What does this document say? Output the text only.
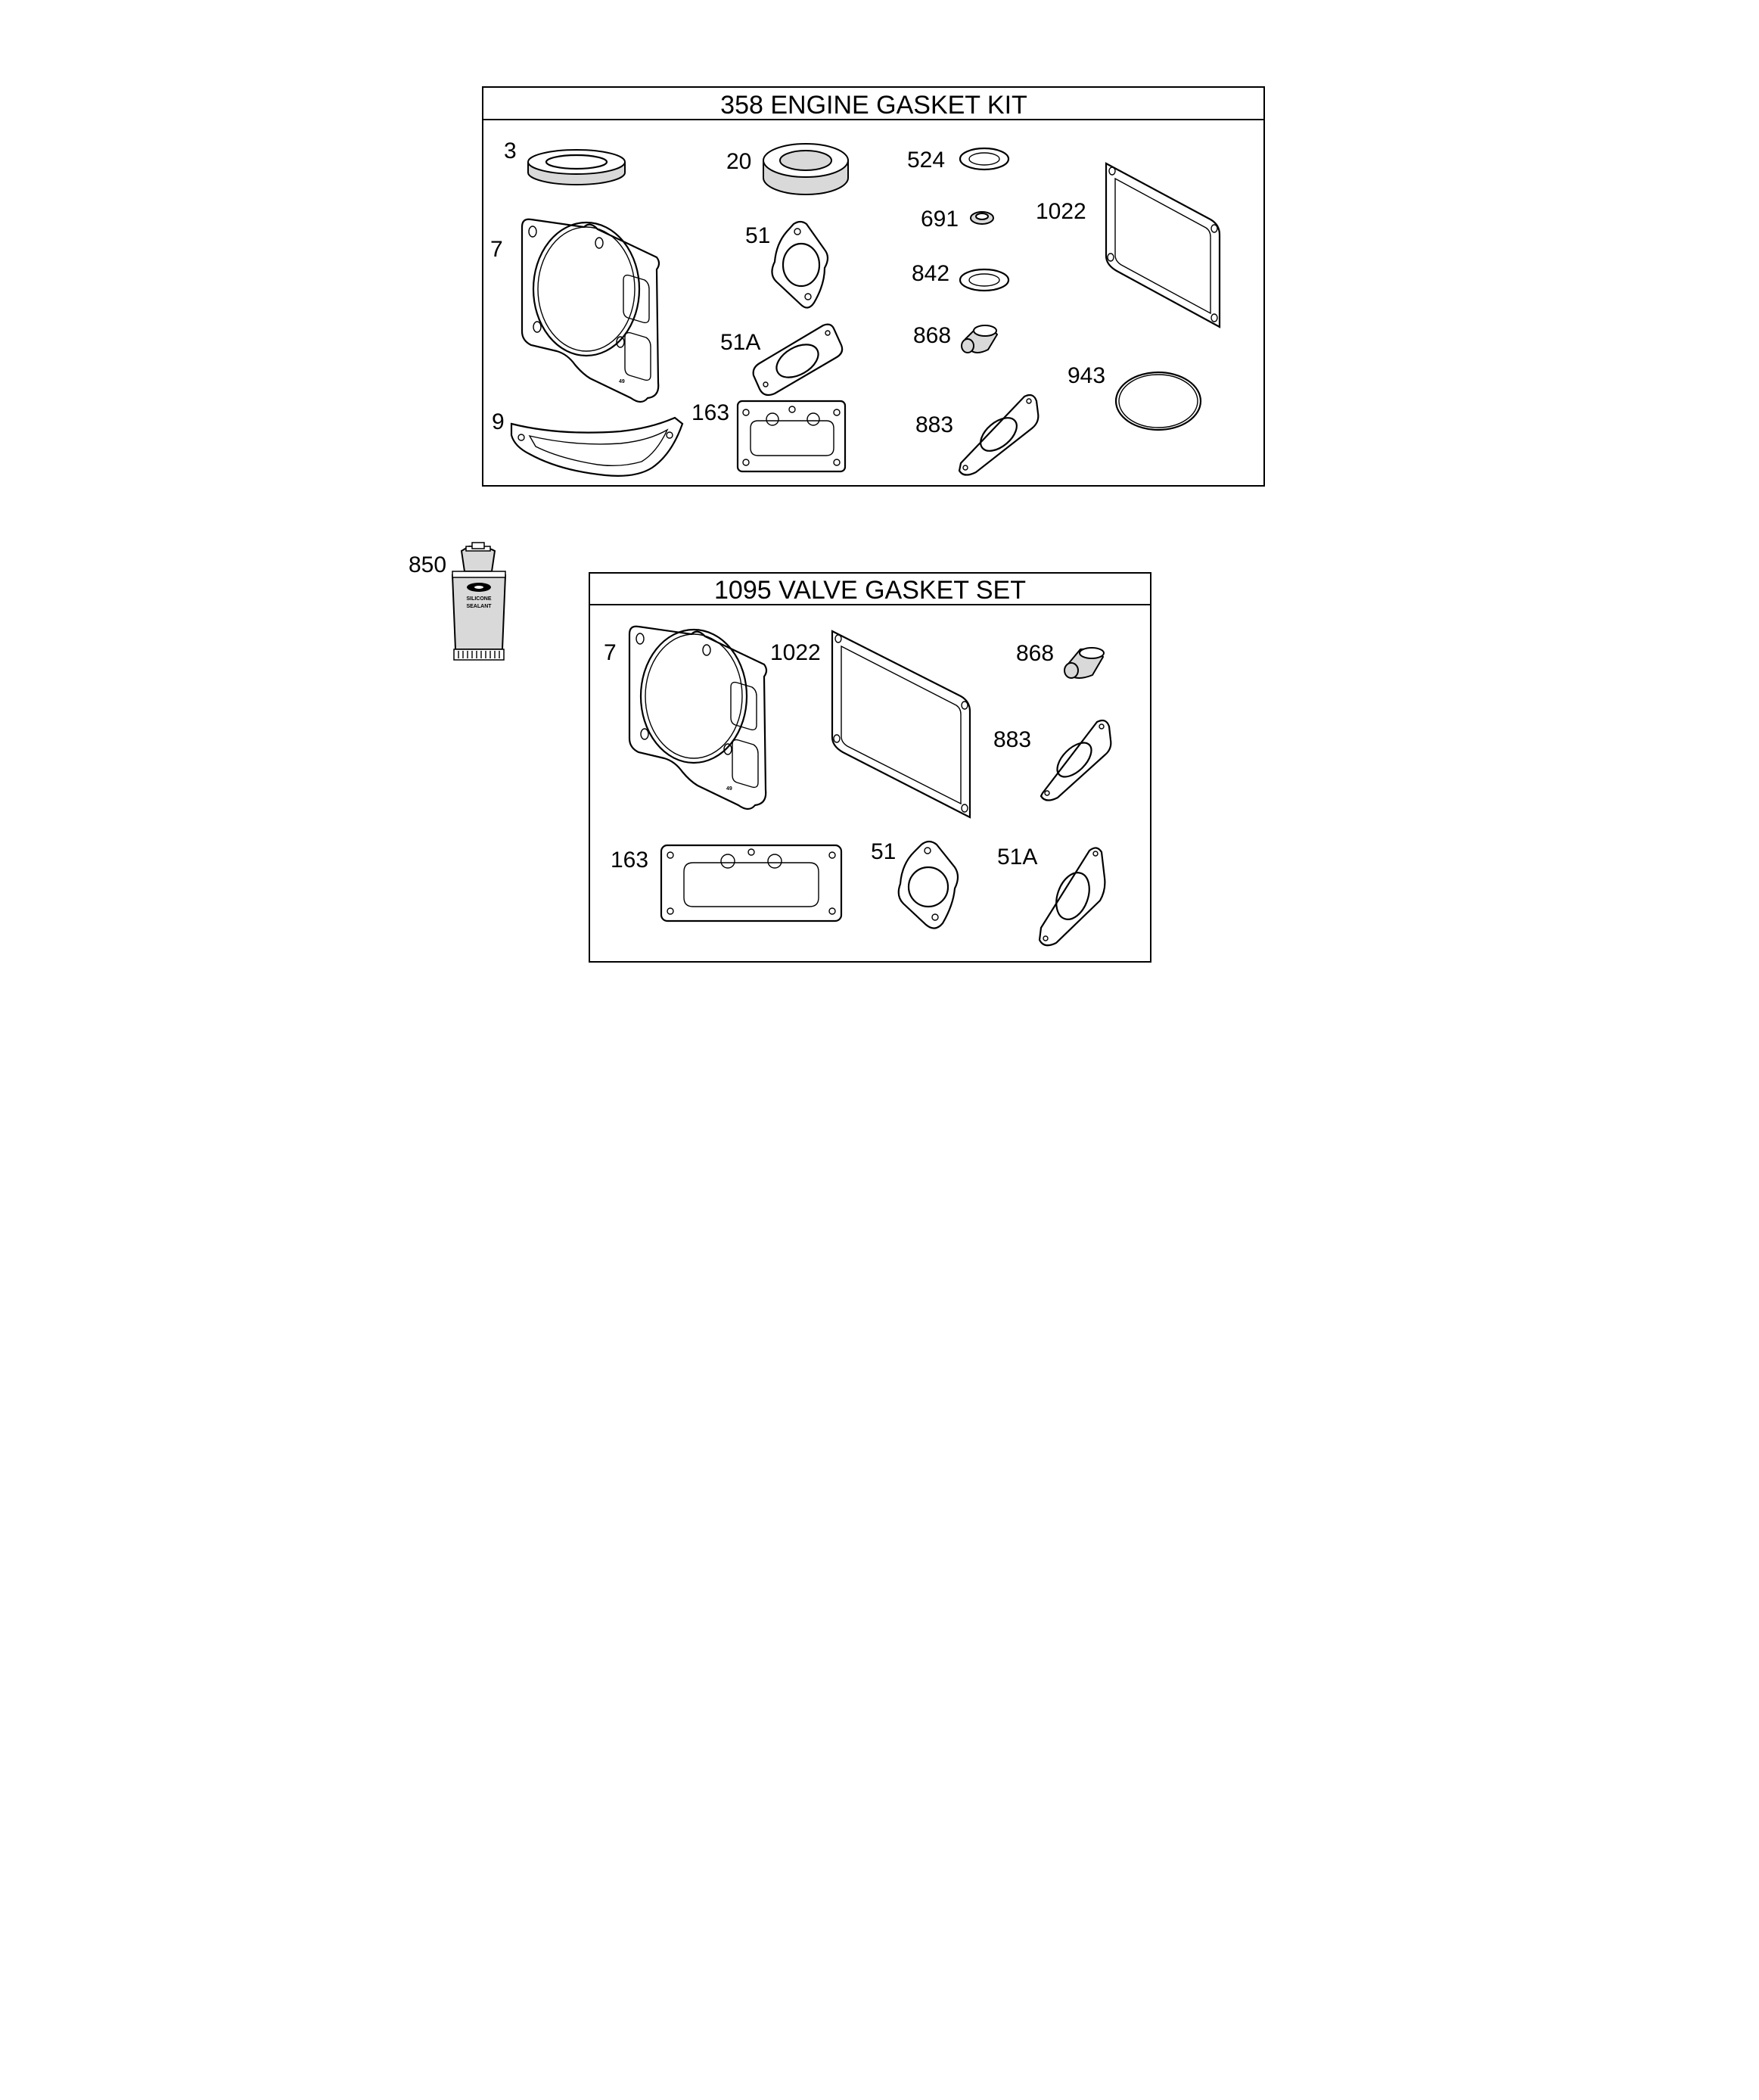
358 ENGINE GASKET KIT
3	20	524
691	1022
7
49
51
842
868
51A
943
9	163	883
850
SILICONE
SEALANT
1095 VALVE GASKET SET
7
49
1022	868
883
163	51	51A
